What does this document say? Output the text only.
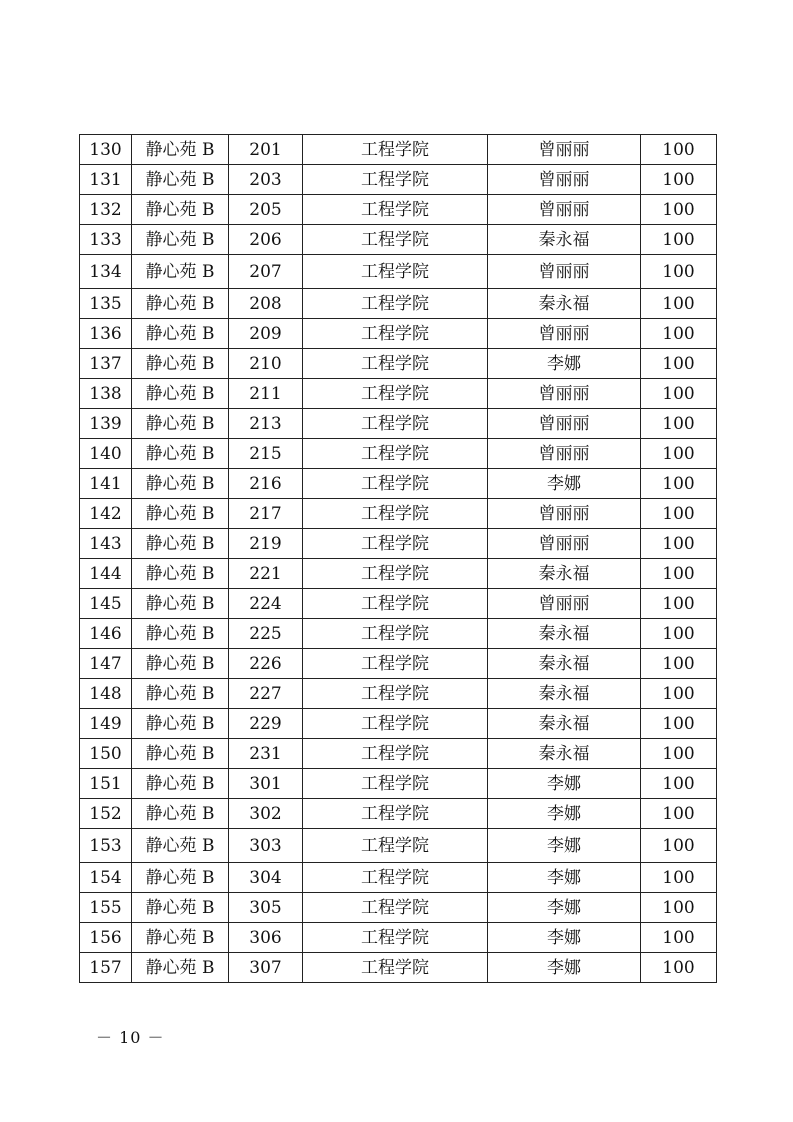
130	静心苑 B	201	工程学院	曾丽丽	100
131	静心苑 B	203	工程学院	曾丽丽	100
132	静心苑 B	205	工程学院	曾丽丽	100
133	静心苑 B	206	工程学院	秦永福	100
134	静心苑 B	207	工程学院	曾丽丽	100
135	静心苑 B	208	工程学院	秦永福	100
136	静心苑 B	209	工程学院	曾丽丽	100
137	静心苑 B	210	工程学院	李娜	100
138	静心苑 B	211	工程学院	曾丽丽	100
139	静心苑 B	213	工程学院	曾丽丽	100
140	静心苑 B	215	工程学院	曾丽丽	100
141	静心苑 B	216	工程学院	李娜	100
142	静心苑 B	217	工程学院	曾丽丽	100
143	静心苑 B	219	工程学院	曾丽丽	100
144	静心苑 B	221	工程学院	秦永福	100
145	静心苑 B	224	工程学院	曾丽丽	100
146	静心苑 B	225	工程学院	秦永福	100
147	静心苑 B	226	工程学院	秦永福	100
148	静心苑 B	227	工程学院	秦永福	100
149	静心苑 B	229	工程学院	秦永福	100
150	静心苑 B	231	工程学院	秦永福	100
151	静心苑 B	301	工程学院	李娜	100
152	静心苑 B	302	工程学院	李娜	100
153	静心苑 B	303	工程学院	李娜	100
154	静心苑 B	304	工程学院	李娜	100
155	静心苑 B	305	工程学院	李娜	100
156	静心苑 B	306	工程学院	李娜	100
157	静心苑 B	307	工程学院	李娜	100
－ 10 －
